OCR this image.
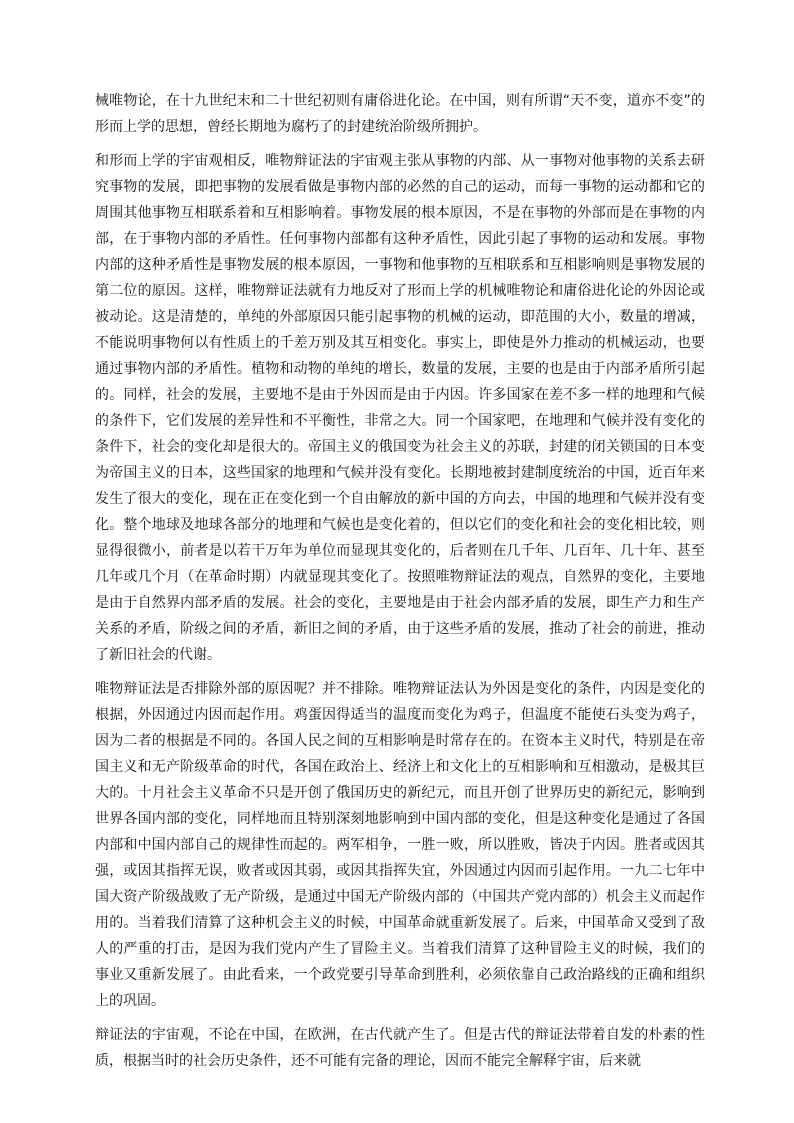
械唯物论，在十九世纪末和二十世纪初则有庸俗进化论。在中国，则有所谓“天不变，道亦不变”的形而上学的思想，曾经长期地为腐朽了的封建统治阶级所拥护。

和形而上学的宇宙观相反，唯物辩证法的宇宙观主张从事物的内部、从一事物对他事物的关系去研究事物的发展，即把事物的发展看做是事物内部的必然的自己的运动，而每一事物的运动都和它的周围其他事物互相联系着和互相影响着。事物发展的根本原因，不是在事物的外部而是在事物的内部，在于事物内部的矛盾性。任何事物内部都有这种矛盾性，因此引起了事物的运动和发展。事物内部的这种矛盾性是事物发展的根本原因，一事物和他事物的互相联系和互相影响则是事物发展的第二位的原因。这样，唯物辩证法就有力地反对了形而上学的机械唯物论和庸俗进化论的外因论或被动论。这是清楚的，单纯的外部原因只能引起事物的机械的运动，即范围的大小，数量的增减，不能说明事物何以有性质上的千差万别及其互相变化。事实上，即使是外力推动的机械运动，也要通过事物内部的矛盾性。植物和动物的单纯的增长，数量的发展，主要的也是由于内部矛盾所引起的。同样，社会的发展，主要地不是由于外因而是由于内因。许多国家在差不多一样的地理和气候的条件下，它们发展的差异性和不平衡性，非常之大。同一个国家吧，在地理和气候并没有变化的条件下，社会的变化却是很大的。帝国主义的俄国变为社会主义的苏联，封建的闭关锁国的日本变为帝国主义的日本，这些国家的地理和气候并没有变化。长期地被封建制度统治的中国，近百年来发生了很大的变化，现在正在变化到一个自由解放的新中国的方向去，中国的地理和气候并没有变化。整个地球及地球各部分的地理和气候也是变化着的，但以它们的变化和社会的变化相比较，则显得很微小，前者是以若干万年为单位而显现其变化的，后者则在几千年、几百年、几十年、甚至几年或几个月（在革命时期）内就显现其变化了。按照唯物辩证法的观点，自然界的变化，主要地是由于自然界内部矛盾的发展。社会的变化，主要地是由于社会内部矛盾的发展，即生产力和生产关系的矛盾，阶级之间的矛盾，新旧之间的矛盾，由于这些矛盾的发展，推动了社会的前进，推动了新旧社会的代谢。

唯物辩证法是否排除外部的原因呢？并不排除。唯物辩证法认为外因是变化的条件，内因是变化的根据，外因通过内因而起作用。鸡蛋因得适当的温度而变化为鸡子，但温度不能使石头变为鸡子，因为二者的根据是不同的。各国人民之间的互相影响是时常存在的。在资本主义时代，特别是在帝国主义和无产阶级革命的时代，各国在政治上、经济上和文化上的互相影响和互相激动，是极其巨大的。十月社会主义革命不只是开创了俄国历史的新纪元，而且开创了世界历史的新纪元，影响到世界各国内部的变化，同样地而且特别深刻地影响到中国内部的变化，但是这种变化是通过了各国内部和中国内部自己的规律性而起的。两军相争，一胜一败，所以胜败，皆决于内因。胜者或因其强，或因其指挥无误，败者或因其弱，或因其指挥失宜，外因通过内因而引起作用。一九二七年中国大资产阶级战败了无产阶级，是通过中国无产阶级内部的（中国共产党内部的）机会主义而起作用的。当着我们清算了这种机会主义的时候，中国革命就重新发展了。后来，中国革命又受到了敌人的严重的打击，是因为我们党内产生了冒险主义。当着我们清算了这种冒险主义的时候，我们的事业又重新发展了。由此看来，一个政党要引导革命到胜利，必须依靠自己政治路线的正确和组织上的巩固。

辩证法的宇宙观，不论在中国，在欧洲，在古代就产生了。但是古代的辩证法带着自发的朴素的性质，根据当时的社会历史条件，还不可能有完备的理论，因而不能完全解释宇宙，后来就
